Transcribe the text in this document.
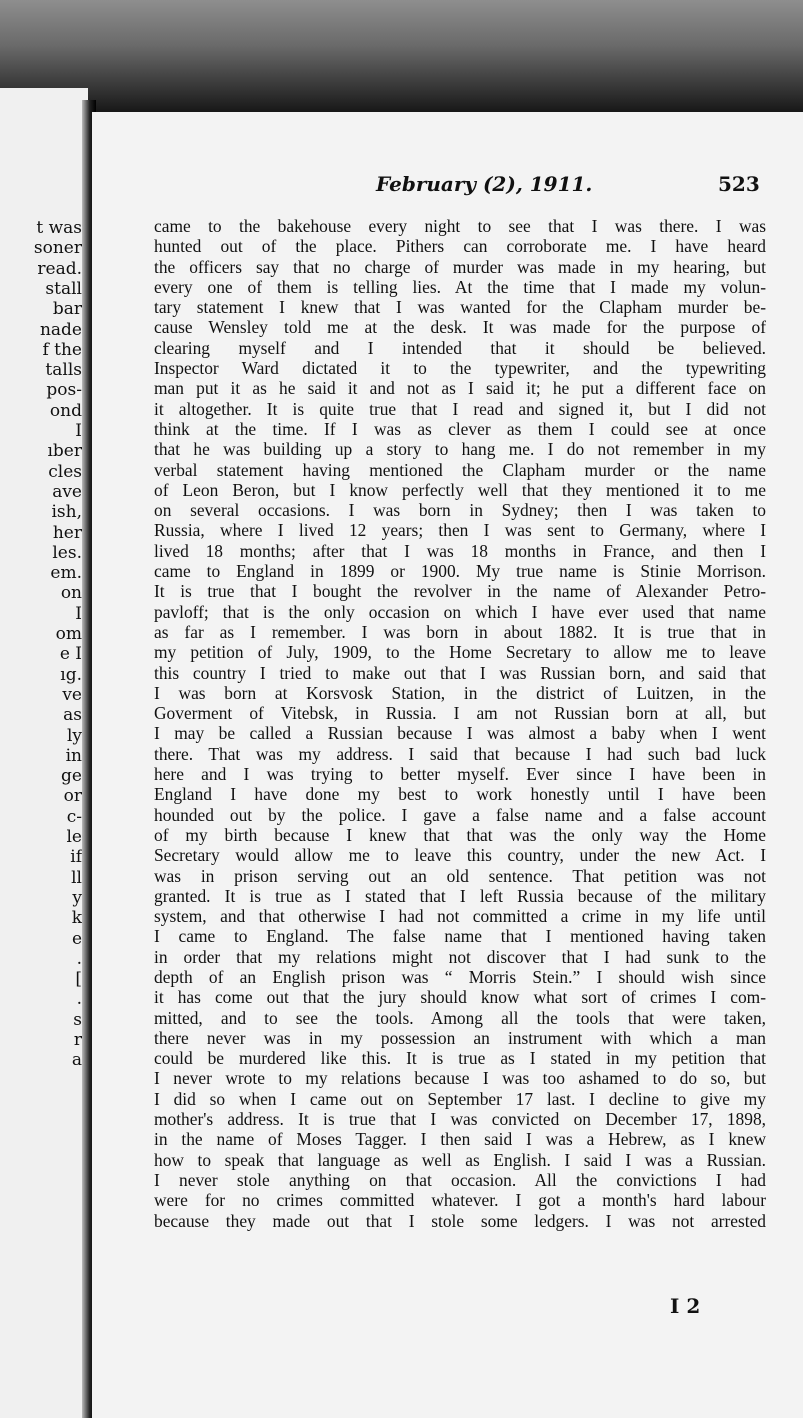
t was
soner
read.
stall
bar
nade
f the
talls
pos-
ond
I
ıber
cles
ave
ish,
her
les.
em.
on
I
om
e I
ıg.
ve
as
ly
in
ge
or
c-
le
if
ll
y
k
e
.
[
.
s
r
a
February (2), 1911.	523
came to the bakehouse every night to see that I was there. I was
hunted out of the place. Pithers can corroborate me. I have heard
the officers say that no charge of murder was made in my hearing, but
every one of them is telling lies. At the time that I made my volun-
tary statement I knew that I was wanted for the Clapham murder be-
cause Wensley told me at the desk. It was made for the purpose of
clearing myself and I intended that it should be believed.
Inspector Ward dictated it to the typewriter, and the typewriting
man put it as he said it and not as I said it; he put a different face on
it altogether. It is quite true that I read and signed it, but I did not
think at the time. If I was as clever as them I could see at once
that he was building up a story to hang me. I do not remember in my
verbal statement having mentioned the Clapham murder or the name
of Leon Beron, but I know perfectly well that they mentioned it to me
on several occasions. I was born in Sydney; then I was taken to
Russia, where I lived 12 years; then I was sent to Germany, where I
lived 18 months; after that I was 18 months in France, and then I
came to England in 1899 or 1900. My true name is Stinie Morrison.
It is true that I bought the revolver in the name of Alexander Petro-
pavloff; that is the only occasion on which I have ever used that name
as far as I remember. I was born in about 1882. It is true that in
my petition of July, 1909, to the Home Secretary to allow me to leave
this country I tried to make out that I was Russian born, and said that
I was born at Korsvosk Station, in the district of Luitzen, in the
Goverment of Vitebsk, in Russia. I am not Russian born at all, but
I may be called a Russian because I was almost a baby when I went
there. That was my address. I said that because I had such bad luck
here and I was trying to better myself. Ever since I have been in
England I have done my best to work honestly until I have been
hounded out by the police. I gave a false name and a false account
of my birth because I knew that that was the only way the Home
Secretary would allow me to leave this country, under the new Act. I
was in prison serving out an old sentence. That petition was not
granted. It is true as I stated that I left Russia because of the military
system, and that otherwise I had not committed a crime in my life until
I came to England. The false name that I mentioned having taken
in order that my relations might not discover that I had sunk to the
depth of an English prison was “ Morris Stein.” I should wish since
it has come out that the jury should know what sort of crimes I com-
mitted, and to see the tools. Among all the tools that were taken,
there never was in my possession an instrument with which a man
could be murdered like this. It is true as I stated in my petition that
I never wrote to my relations because I was too ashamed to do so, but
I did so when I came out on September 17 last. I decline to give my
mother's address. It is true that I was convicted on December 17, 1898,
in the name of Moses Tagger. I then said I was a Hebrew, as I knew
how to speak that language as well as English. I said I was a Russian.
I never stole anything on that occasion. All the convictions I had
were for no crimes committed whatever. I got a month's hard labour
because they made out that I stole some ledgers. I was not arrested
I 2
